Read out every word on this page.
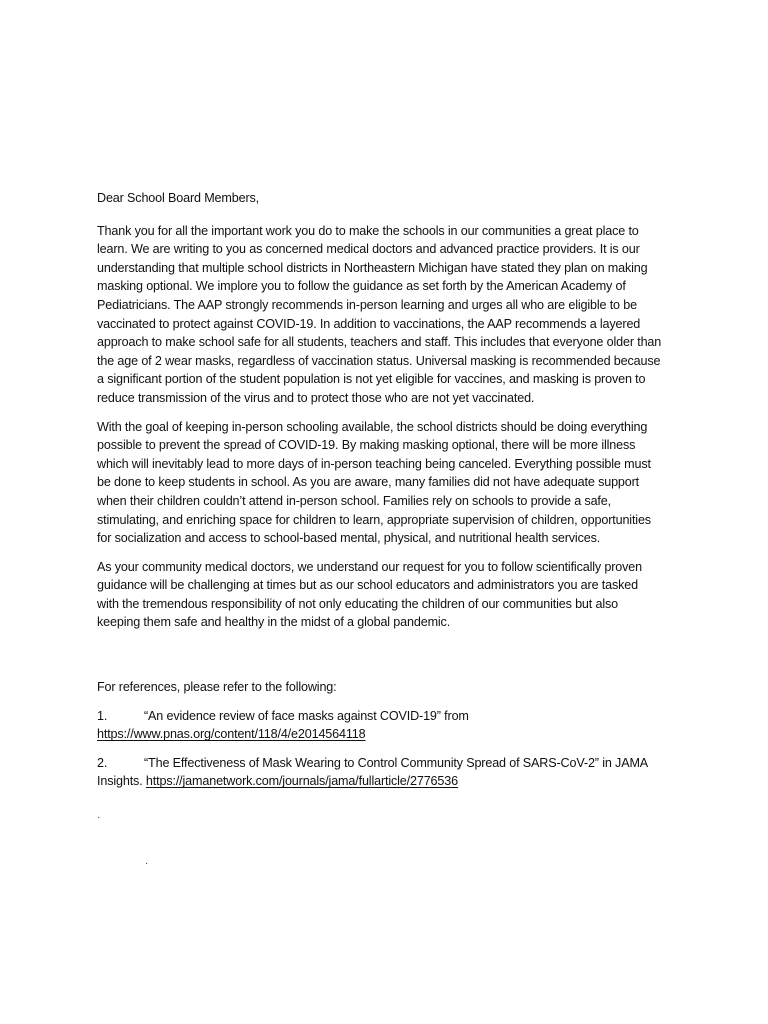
Dear School Board Members,

Thank you for all the important work you do to make the schools in our communities a great place to learn. We are writing to you as concerned medical doctors and advanced practice providers. It is our understanding that multiple school districts in Northeastern Michigan have stated they plan on making masking optional. We implore you to follow the guidance as set forth by the American Academy of Pediatricians. The AAP strongly recommends in-person learning and urges all who are eligible to be vaccinated to protect against COVID-19. In addition to vaccinations, the AAP recommends a layered approach to make school safe for all students, teachers and staff. This includes that everyone older than the age of 2 wear masks, regardless of vaccination status. Universal masking is recommended because a significant portion of the student population is not yet eligible for vaccines, and masking is proven to reduce transmission of the virus and to protect those who are not yet vaccinated.

With the goal of keeping in-person schooling available, the school districts should be doing everything possible to prevent the spread of COVID-19. By making masking optional, there will be more illness which will inevitably lead to more days of in-person teaching being canceled. Everything possible must be done to keep students in school. As you are aware, many families did not have adequate support when their children couldn’t attend in-person school. Families rely on schools to provide a safe, stimulating, and enriching space for children to learn, appropriate supervision of children, opportunities for socialization and access to school-based mental, physical, and nutritional health services.

As your community medical doctors, we understand our request for you to follow scientifically proven guidance will be challenging at times but as our school educators and administrators you are tasked with the tremendous responsibility of not only educating the children of our communities but also keeping them safe and healthy in the midst of a global pandemic.

For references, please refer to the following:

1.	“An evidence review of face masks against COVID-19” from
https://www.pnas.org/content/118/4/e2014564118

2.	“The Effectiveness of Mask Wearing to Control Community Spread of SARS-CoV-2” in JAMA Insights. https://jamanetwork.com/journals/jama/fullarticle/2776536

·
·
